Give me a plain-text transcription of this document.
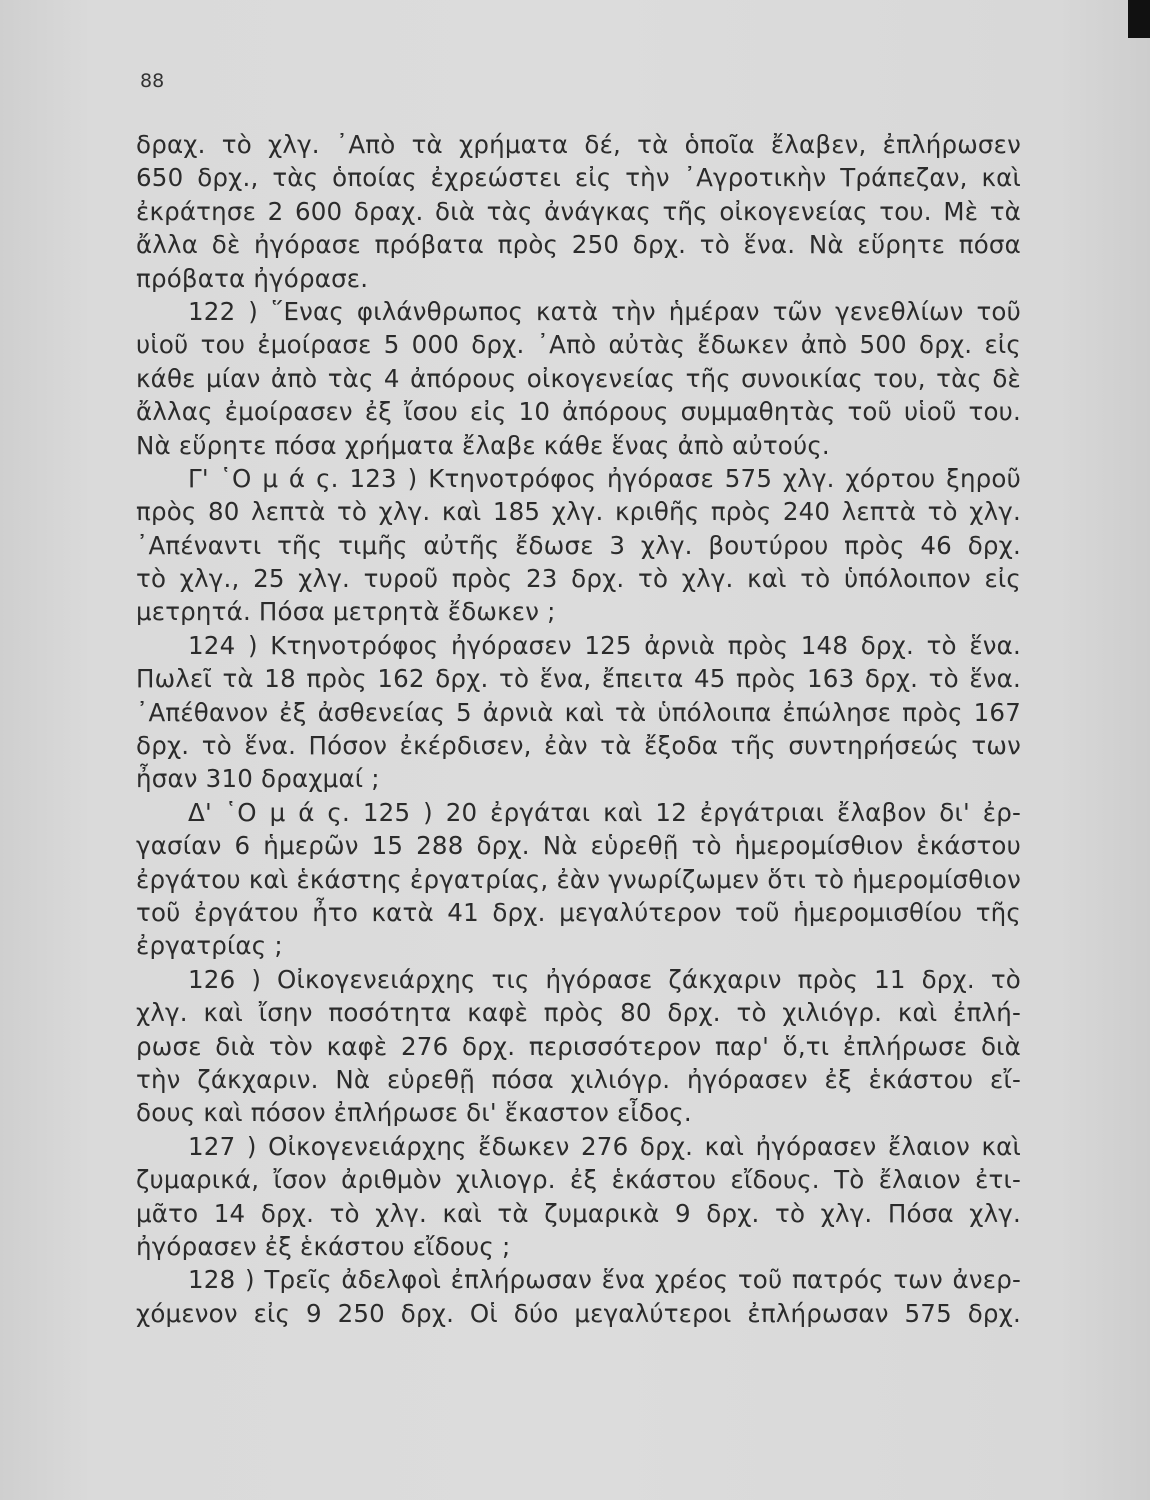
88
δραχ. τὸ χλγ. ᾿Απὸ τὰ χρήματα δέ, τὰ ὁποῖα ἔλαβεν, ἐπλήρωσεν
650 δρχ., τὰς ὁποίας ἐχρεώστει εἰς τὴν ᾿Αγροτικὴν Τράπεζαν, καὶ
ἐκράτησε 2 600 δραχ. διὰ τὰς ἀνάγκας τῆς οἰκογενείας του. Μὲ τὰ
ἄλλα δὲ ἠγόρασε πρόβατα πρὸς 250 δρχ. τὸ ἕνα. Νὰ εὕρητε πόσα
πρόβατα ἠγόρασε.
122 ) ῞Ενας φιλάνθρωπος κατὰ τὴν ἡμέραν τῶν γενεθλίων τοῦ
υἱοῦ του ἐμοίρασε 5 000 δρχ. ᾿Απὸ αὐτὰς ἔδωκεν ἀπὸ 500 δρχ. εἰς
κάθε μίαν ἀπὸ τὰς 4 ἀπόρους οἰκογενείας τῆς συνοικίας του, τὰς δὲ
ἄλλας ἐμοίρασεν ἐξ ἴσου εἰς 10 ἀπόρους συμμαθητὰς τοῦ υἱοῦ του.
Νὰ εὕρητε πόσα χρήματα ἔλαβε κάθε ἕνας ἀπὸ αὐτούς.
Γ' ῾Ο μ ά ς. 123 ) Κτηνοτρόφος ἠγόρασε 575 χλγ. χόρτου ξηροῦ
πρὸς 80 λεπτὰ τὸ χλγ. καὶ 185 χλγ. κριθῆς πρὸς 240 λεπτὰ τὸ χλγ.
᾿Απέναντι τῆς τιμῆς αὐτῆς ἔδωσε 3 χλγ. βουτύρου πρὸς 46 δρχ.
τὸ χλγ., 25 χλγ. τυροῦ πρὸς 23 δρχ. τὸ χλγ. καὶ τὸ ὑπόλοιπον εἰς
μετρητά. Πόσα μετρητὰ ἔδωκεν ;
124 ) Κτηνοτρόφος ἠγόρασεν 125 ἀρνιὰ πρὸς 148 δρχ. τὸ ἕνα.
Πωλεῖ τὰ 18 πρὸς 162 δρχ. τὸ ἕνα, ἔπειτα 45 πρὸς 163 δρχ. τὸ ἕνα.
᾿Απέθανον ἐξ ἀσθενείας 5 ἀρνιὰ καὶ τὰ ὑπόλοιπα ἐπώλησε πρὸς 167
δρχ. τὸ ἕνα. Πόσον ἐκέρδισεν, ἐὰν τὰ ἔξοδα τῆς συντηρήσεώς των
ἦσαν 310 δραχμαί ;
Δ' ῾Ο μ ά ς. 125 ) 20 ἐργάται καὶ 12 ἐργάτριαι ἔλαβον δι' ἐρ-
γασίαν 6 ἡμερῶν 15 288 δρχ. Νὰ εὑρεθῇ τὸ ἡμερομίσθιον ἑκάστου
ἐργάτου καὶ ἑκάστης ἐργατρίας, ἐὰν γνωρίζωμεν ὅτι τὸ ἡμερομίσθιον
τοῦ ἐργάτου ἦτο κατὰ 41 δρχ. μεγαλύτερον τοῦ ἡμερομισθίου τῆς
ἐργατρίας ;
126 ) Οἰκογενειάρχης τις ἠγόρασε ζάκχαριν πρὸς 11 δρχ. τὸ
χλγ. καὶ ἴσην ποσότητα καφὲ πρὸς 80 δρχ. τὸ χιλιόγρ. καὶ ἐπλή-
ρωσε διὰ τὸν καφὲ 276 δρχ. περισσότερον παρ' ὅ,τι ἐπλήρωσε διὰ
τὴν ζάκχαριν. Νὰ εὑρεθῇ πόσα χιλιόγρ. ἠγόρασεν ἐξ ἑκάστου εἴ-
δους καὶ πόσον ἐπλήρωσε δι' ἕκαστον εἶδος.
127 ) Οἰκογενειάρχης ἔδωκεν 276 δρχ. καὶ ἠγόρασεν ἔλαιον καὶ
ζυμαρικά, ἴσον ἀριθμὸν χιλιογρ. ἐξ ἑκάστου εἴδους. Τὸ ἔλαιον ἐτι-
μᾶτο 14 δρχ. τὸ χλγ. καὶ τὰ ζυμαρικὰ 9 δρχ. τὸ χλγ. Πόσα χλγ.
ἠγόρασεν ἐξ ἑκάστου εἴδους ;
128 ) Τρεῖς ἀδελφοὶ ἐπλήρωσαν ἕνα χρέος τοῦ πατρός των ἀνερ-
χόμενον εἰς 9 250 δρχ. Οἱ δύο μεγαλύτεροι ἐπλήρωσαν 575 δρχ.
